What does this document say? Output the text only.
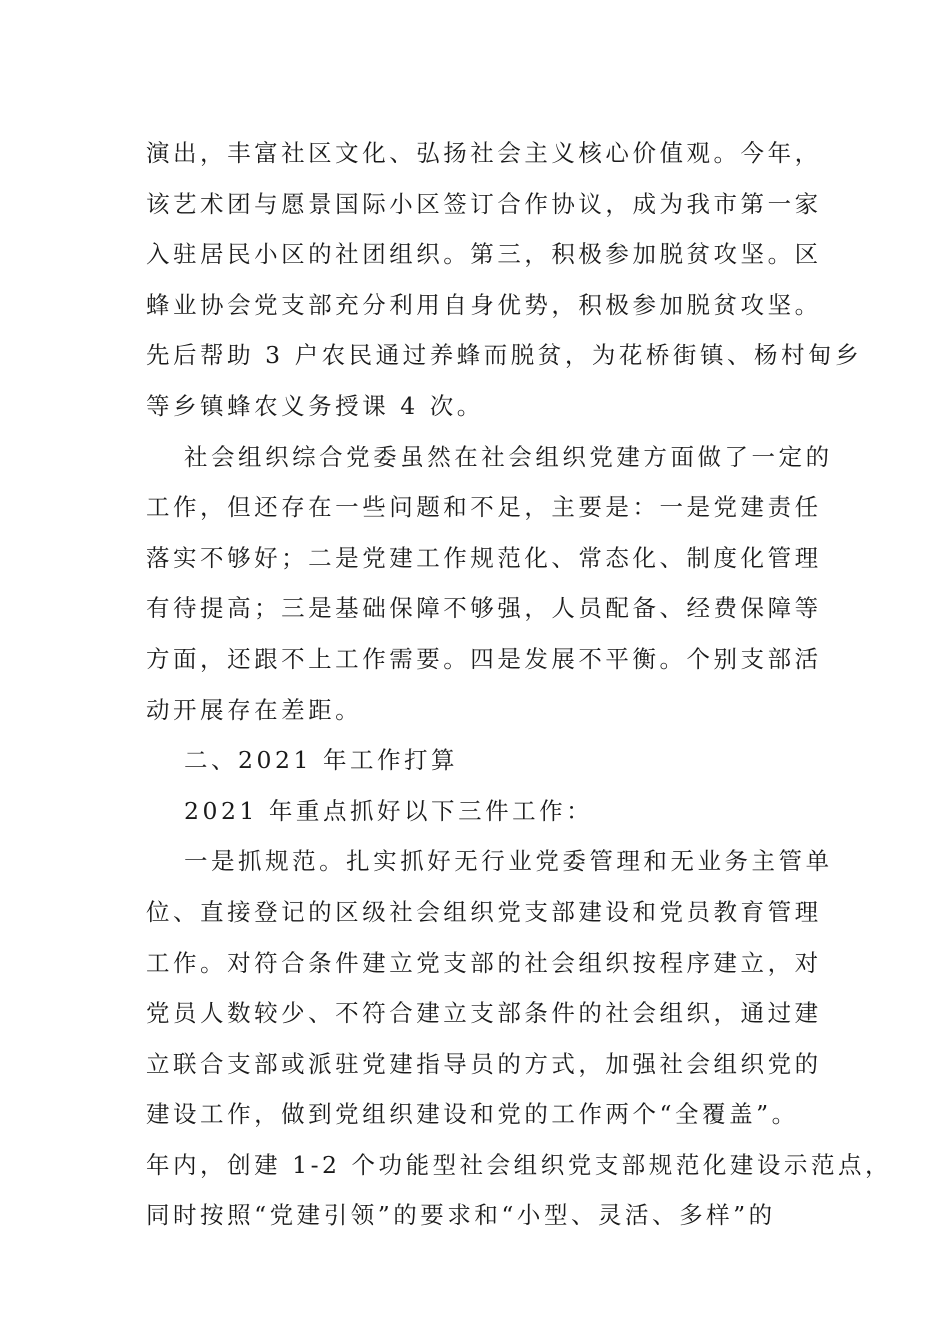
演出，丰富社区文化、弘扬社会主义核心价值观。今年，
该艺术团与愿景国际小区签订合作协议，成为我市第一家
入驻居民小区的社团组织。第三，积极参加脱贫攻坚。区
蜂业协会党支部充分利用自身优势，积极参加脱贫攻坚。
先后帮助 3 户农民通过养蜂而脱贫，为花桥街镇、杨村甸乡
等乡镇蜂农义务授课 4 次。
社会组织综合党委虽然在社会组织党建方面做了一定的
工作，但还存在一些问题和不足，主要是：一是党建责任
落实不够好；二是党建工作规范化、常态化、制度化管理
有待提高；三是基础保障不够强，人员配备、经费保障等
方面，还跟不上工作需要。四是发展不平衡。个别支部活
动开展存在差距。
二、2021 年工作打算
2021 年重点抓好以下三件工作：
一是抓规范。扎实抓好无行业党委管理和无业务主管单
位、直接登记的区级社会组织党支部建设和党员教育管理
工作。对符合条件建立党支部的社会组织按程序建立，对
党员人数较少、不符合建立支部条件的社会组织，通过建
立联合支部或派驻党建指导员的方式，加强社会组织党的
建设工作，做到党组织建设和党的工作两个“全覆盖”。
年内，创建 1-2 个功能型社会组织党支部规范化建设示范点，
同时按照“党建引领”的要求和“小型、灵活、多样”的
